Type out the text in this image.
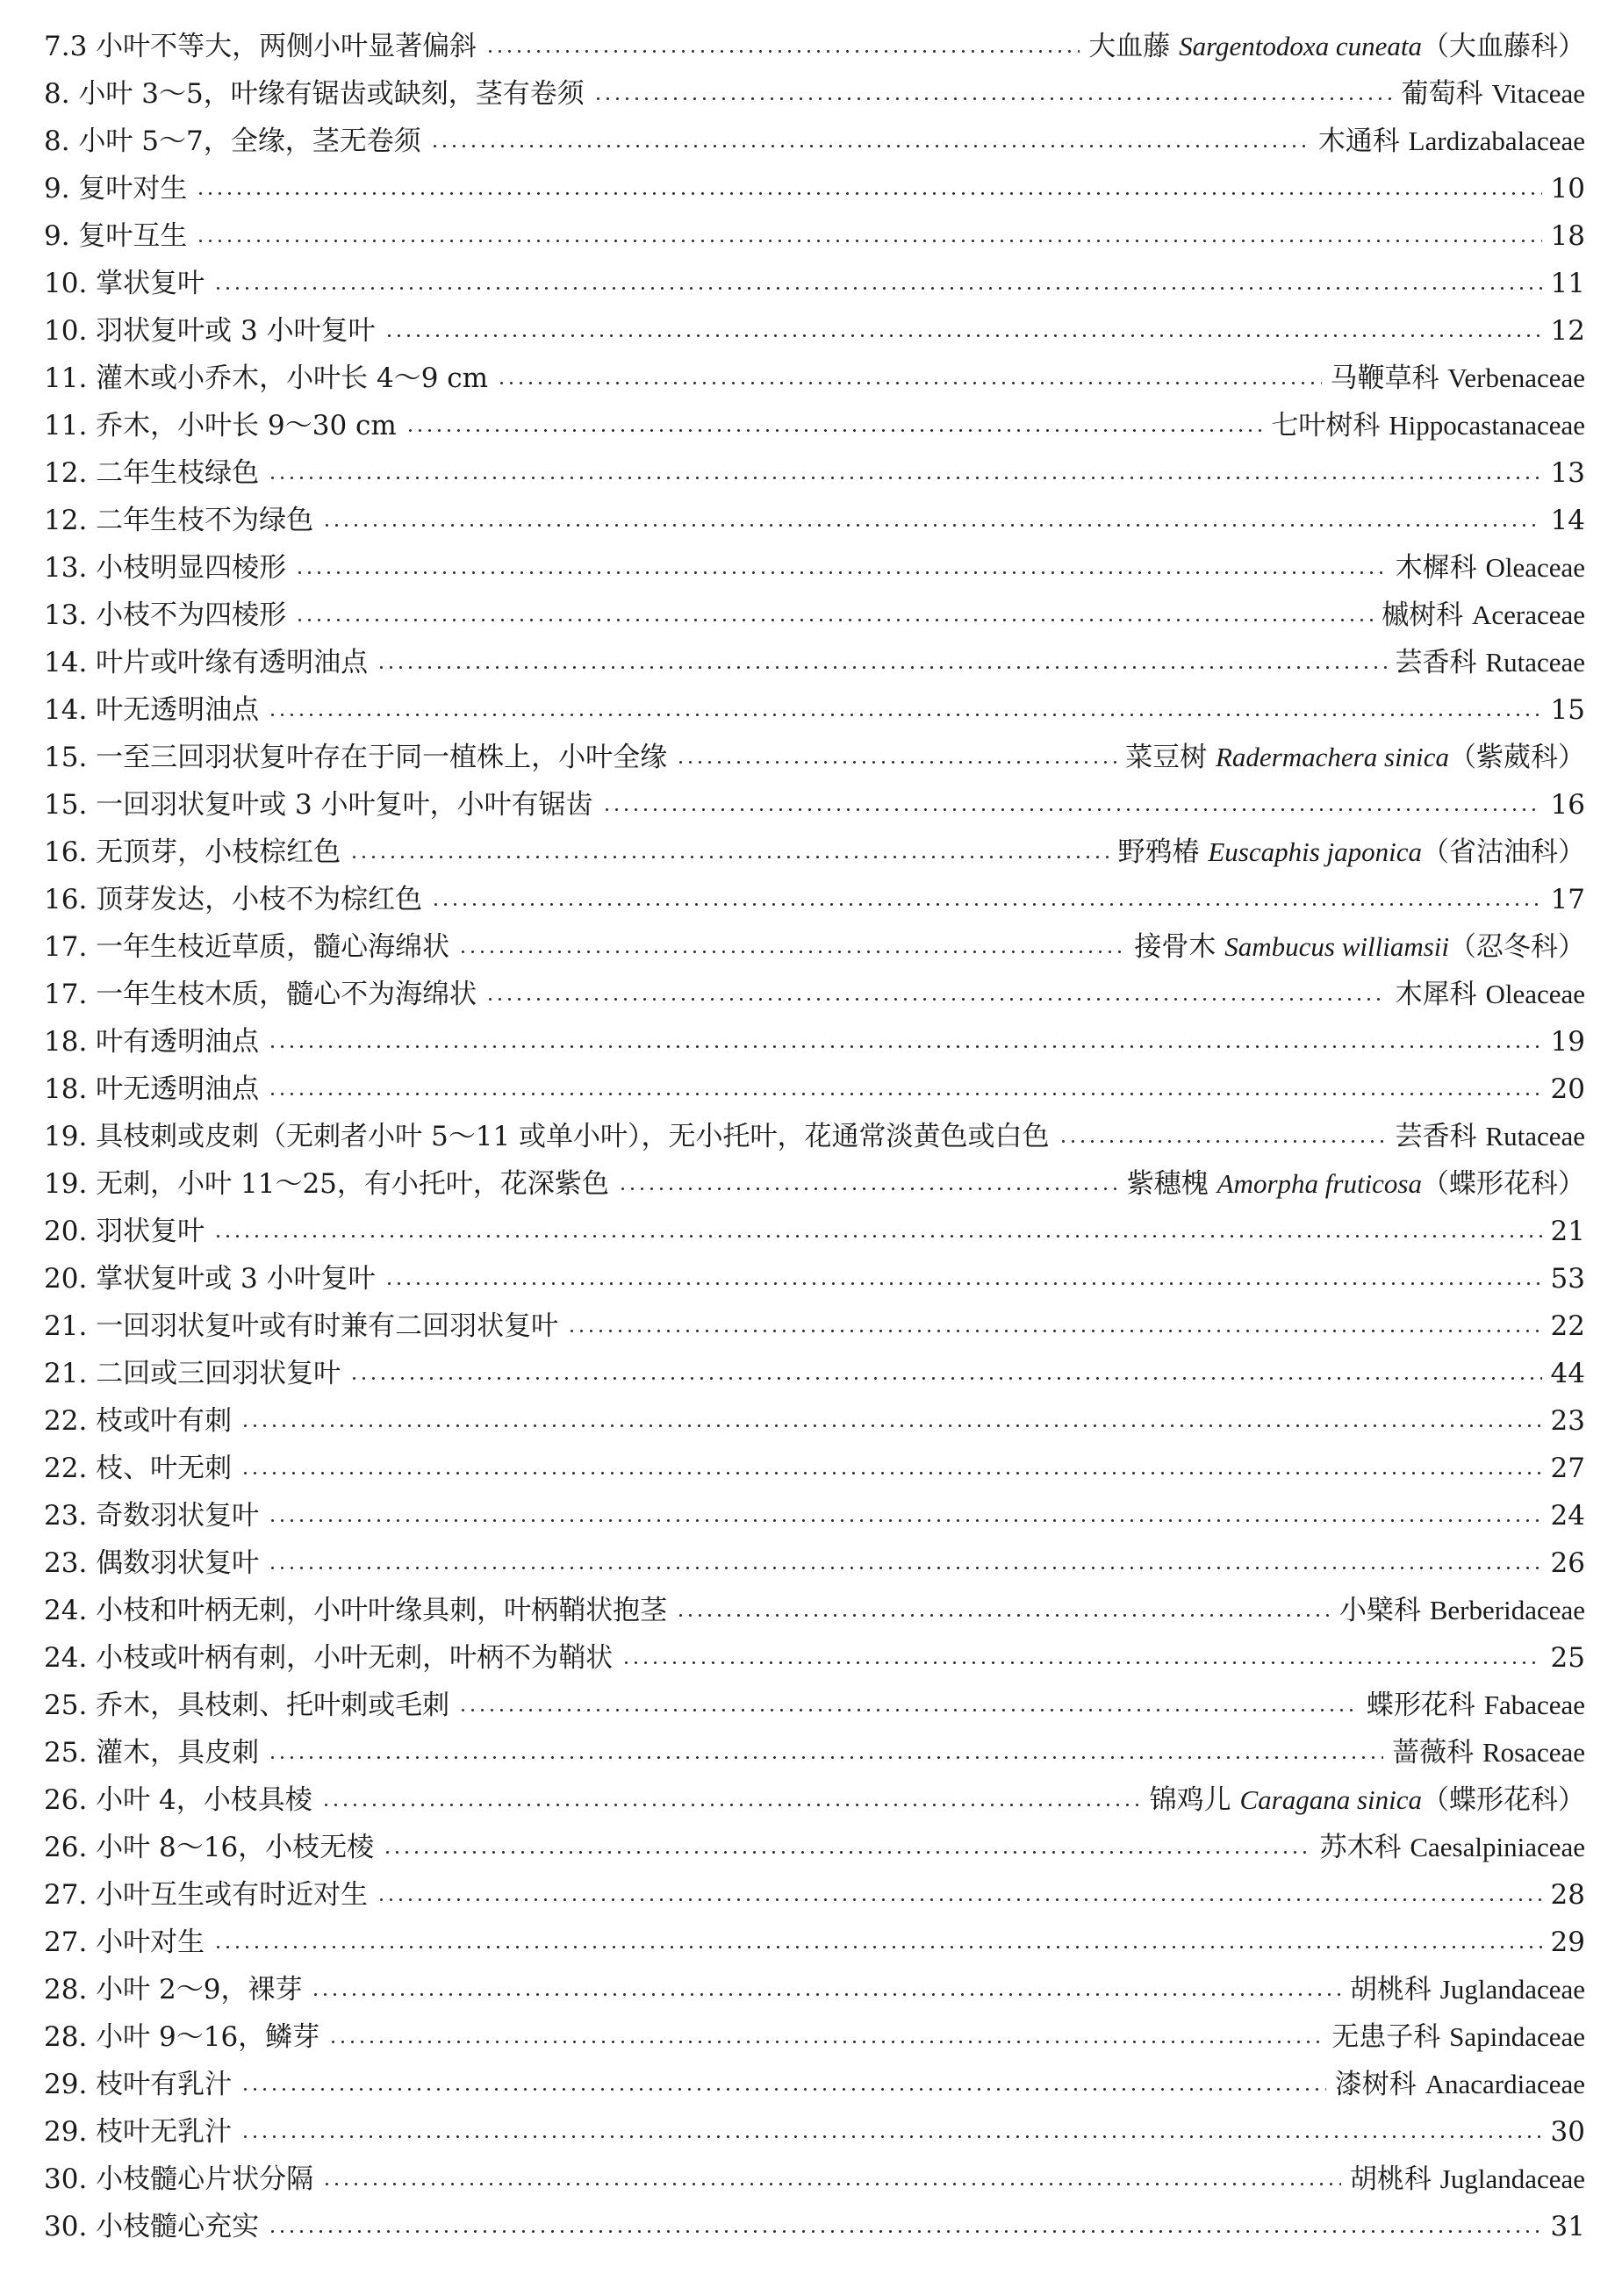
7.3 小叶不等大，两侧小叶显著偏斜	大血藤 Sargentodoxa cuneata（大血藤科）
8. 小叶 3～5，叶缘有锯齿或缺刻，茎有卷须	葡萄科 Vitaceae
8. 小叶 5～7，全缘，茎无卷须	木通科 Lardizabalaceae
9. 复叶对生	10
9. 复叶互生	18
10. 掌状复叶	11
10. 羽状复叶或 3 小叶复叶	12
11. 灌木或小乔木，小叶长 4～9 cm	马鞭草科 Verbenaceae
11. 乔木，小叶长 9～30 cm	七叶树科 Hippocastanaceae
12. 二年生枝绿色	13
12. 二年生枝不为绿色	14
13. 小枝明显四棱形	木樨科 Oleaceae
13. 小枝不为四棱形	槭树科 Aceraceae
14. 叶片或叶缘有透明油点	芸香科 Rutaceae
14. 叶无透明油点	15
15. 一至三回羽状复叶存在于同一植株上，小叶全缘	菜豆树 Radermachera sinica（紫葳科）
15. 一回羽状复叶或 3 小叶复叶，小叶有锯齿	16
16. 无顶芽，小枝棕红色	野鸦椿 Euscaphis japonica（省沽油科）
16. 顶芽发达，小枝不为棕红色	17
17. 一年生枝近草质，髓心海绵状	接骨木 Sambucus williamsii（忍冬科）
17. 一年生枝木质，髓心不为海绵状	木犀科 Oleaceae
18. 叶有透明油点	19
18. 叶无透明油点	20
19. 具枝刺或皮刺（无刺者小叶 5～11 或单小叶），无小托叶，花通常淡黄色或白色	芸香科 Rutaceae
19. 无刺，小叶 11～25，有小托叶，花深紫色	紫穗槐 Amorpha fruticosa（蝶形花科）
20. 羽状复叶	21
20. 掌状复叶或 3 小叶复叶	53
21. 一回羽状复叶或有时兼有二回羽状复叶	22
21. 二回或三回羽状复叶	44
22. 枝或叶有刺	23
22. 枝、叶无刺	27
23. 奇数羽状复叶	24
23. 偶数羽状复叶	26
24. 小枝和叶柄无刺，小叶叶缘具刺，叶柄鞘状抱茎	小檗科 Berberidaceae
24. 小枝或叶柄有刺，小叶无刺，叶柄不为鞘状	25
25. 乔木，具枝刺、托叶刺或毛刺	蝶形花科 Fabaceae
25. 灌木，具皮刺	蔷薇科 Rosaceae
26. 小叶 4，小枝具棱	锦鸡儿 Caragana sinica（蝶形花科）
26. 小叶 8～16，小枝无棱	苏木科 Caesalpiniaceae
27. 小叶互生或有时近对生	28
27. 小叶对生	29
28. 小叶 2～9，裸芽	胡桃科 Juglandaceae
28. 小叶 9～16，鳞芽	无患子科 Sapindaceae
29. 枝叶有乳汁	漆树科 Anacardiaceae
29. 枝叶无乳汁	30
30. 小枝髓心片状分隔	胡桃科 Juglandaceae
30. 小枝髓心充实	31
